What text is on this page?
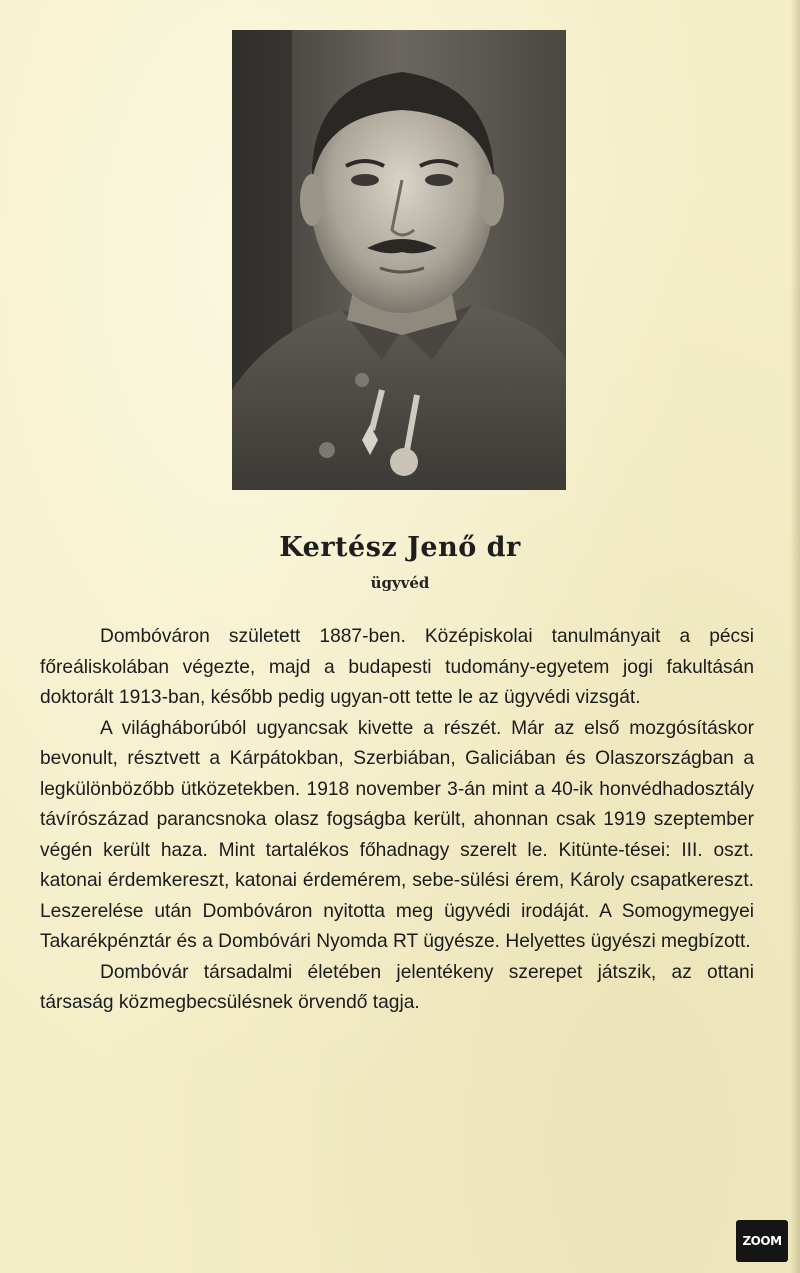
Kertész Jenő dr
ügyvéd

Dombóváron született 1887-ben. Középiskolai tanulmányait a pécsi főreáliskolában végezte, majd a budapesti tudomány-egyetem jogi fakultásán doktorált 1913-ban, később pedig ugyan-ott tette le az ügyvédi vizsgát.

A világháborúból ugyancsak kivette a részét. Már az első mozgósításkor bevonult, résztvett a Kárpátokban, Szerbiában, Galiciában és Olaszországban a legkülönbözőbb ütközetekben. 1918 november 3-án mint a 40-ik honvédhadosztály távírószázad parancsnoka olasz fogságba került, ahonnan csak 1919 szeptember végén került haza. Mint tartalékos főhadnagy szerelt le. Kitünte-tései: III. oszt. katonai érdemkereszt, katonai érdemérem, sebe-sülési érem, Károly csapatkereszt. Leszerelése után Dombóváron nyitotta meg ügyvédi irodáját. A Somogymegyei Takarékpénztár és a Dombóvári Nyomda RT ügyésze. Helyettes ügyészi megbízott.

Dombóvár társadalmi életében jelentékeny szerepet játszik, az ottani társaság közmegbecsülésnek örvendő tagja.

ZOOM
